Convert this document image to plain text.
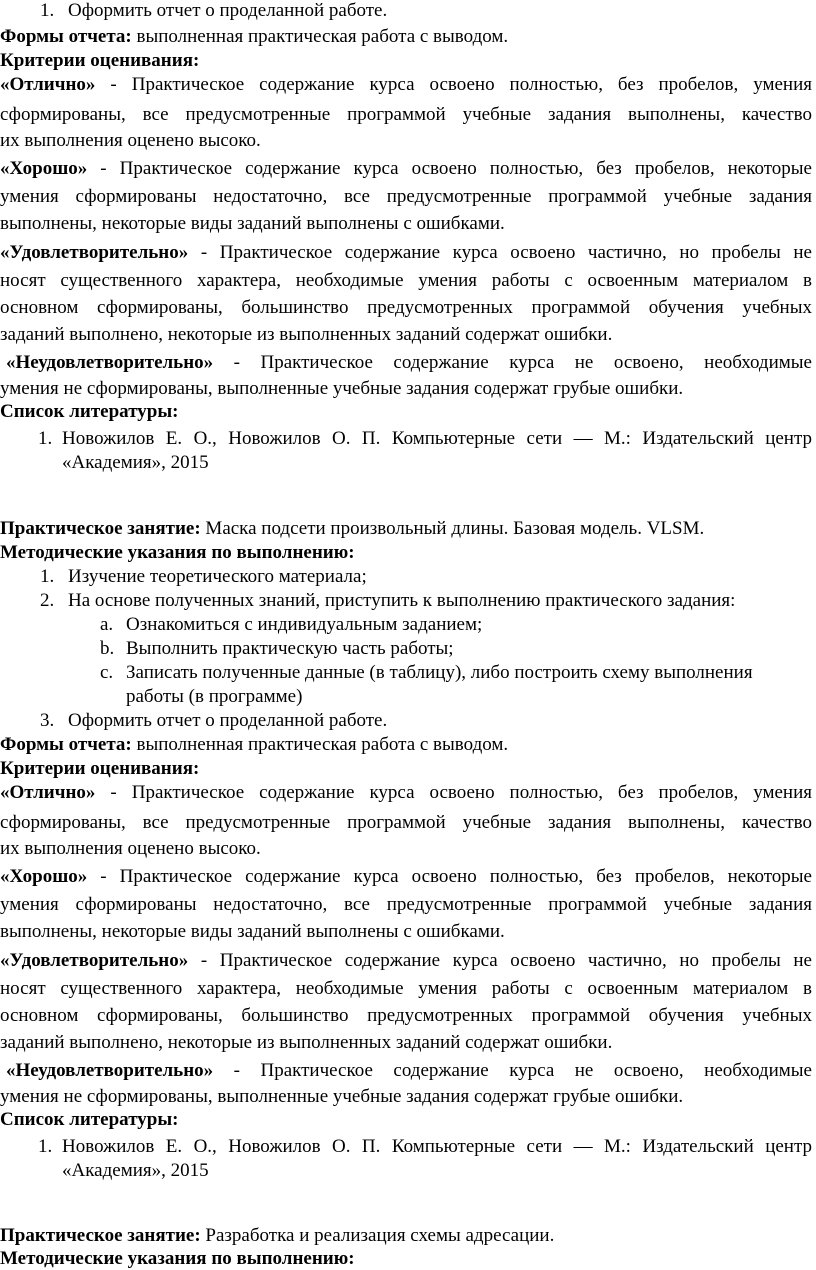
1. Оформить отчет о проделанной работе.
Формы отчета: выполненная практическая работа с выводом.
Критерии оценивания:
«Отлично» - Практическое содержание курса освоено полностью, без пробелов, умения
сформированы, все предусмотренные программой учебные задания выполнены, качество
их выполнения оценено высоко.
«Хорошо» - Практическое содержание курса освоено полностью, без пробелов, некоторые
умения сформированы недостаточно, все предусмотренные программой учебные задания
выполнены, некоторые виды заданий выполнены с ошибками.
«Удовлетворительно» - Практическое содержание курса освоено частично, но пробелы не
носят существенного характера, необходимые умения работы с освоенным материалом в
основном сформированы, большинство предусмотренных программой обучения учебных
заданий выполнено, некоторые из выполненных заданий содержат ошибки.
«Неудовлетворительно» - Практическое содержание курса не освоено, необходимые
умения не сформированы, выполненные учебные задания содержат грубые ошибки.
Список литературы:
1. Новожилов Е. О., Новожилов О. П. Компьютерные сети — М.: Издательский центр
«Академия», 2015
Практическое занятие: Маска подсети произвольный длины. Базовая модель. VLSM.
Методические указания по выполнению:
1. Изучение теоретического материала;
2. На основе полученных знаний, приступить к выполнению практического задания:
a. Ознакомиться с индивидуальным заданием;
b. Выполнить практическую часть работы;
c. Записать полученные данные (в таблицу), либо построить схему выполнения
работы (в программе)
3. Оформить отчет о проделанной работе.
Формы отчета: выполненная практическая работа с выводом.
Критерии оценивания:
«Отлично» - Практическое содержание курса освоено полностью, без пробелов, умения
сформированы, все предусмотренные программой учебные задания выполнены, качество
их выполнения оценено высоко.
«Хорошо» - Практическое содержание курса освоено полностью, без пробелов, некоторые
умения сформированы недостаточно, все предусмотренные программой учебные задания
выполнены, некоторые виды заданий выполнены с ошибками.
«Удовлетворительно» - Практическое содержание курса освоено частично, но пробелы не
носят существенного характера, необходимые умения работы с освоенным материалом в
основном сформированы, большинство предусмотренных программой обучения учебных
заданий выполнено, некоторые из выполненных заданий содержат ошибки.
«Неудовлетворительно» - Практическое содержание курса не освоено, необходимые
умения не сформированы, выполненные учебные задания содержат грубые ошибки.
Список литературы:
1. Новожилов Е. О., Новожилов О. П. Компьютерные сети — М.: Издательский центр
«Академия», 2015
Практическое занятие: Разработка и реализация схемы адресации.
Методические указания по выполнению:
